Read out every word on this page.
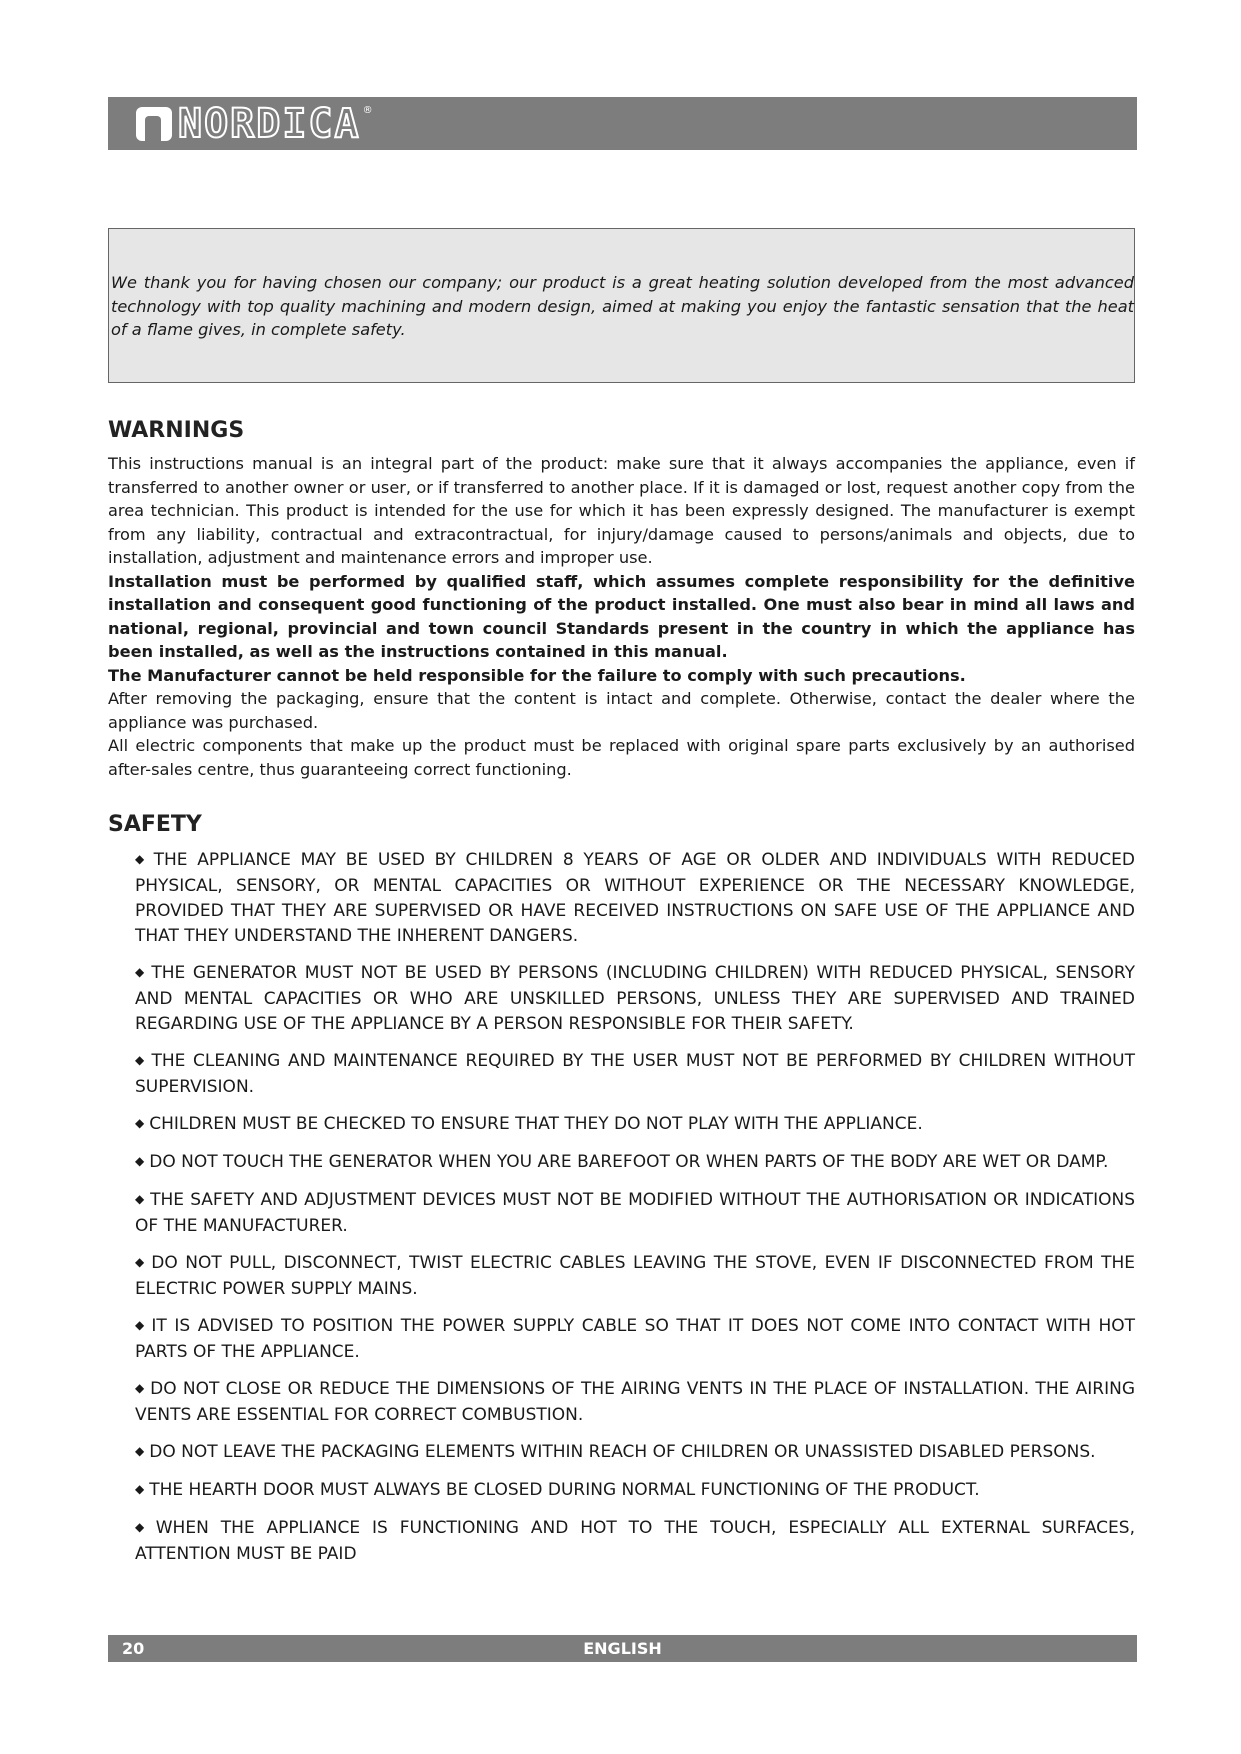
NORDICA ®

We thank you for having chosen our company; our product is a great heating solution developed from the most advanced technology with top quality machining and modern design, aimed at making you enjoy the fantastic sensation that the heat of a flame gives, in complete safety.

WARNINGS

This instructions manual is an integral part of the product: make sure that it always accompanies the appliance, even if transferred to another owner or user, or if transferred to another place. If it is damaged or lost, request another copy from the area technician. This product is intended for the use for which it has been expressly designed. The manufacturer is exempt from any liability, contractual and extracontractual, for injury/damage caused to persons/animals and objects, due to installation, adjustment and maintenance errors and improper use.

Installation must be performed by qualified staff, which assumes complete responsibility for the definitive installation and consequent good functioning of the product installed. One must also bear in mind all laws and national, regional, provincial and town council Standards present in the country in which the appliance has been installed, as well as the instructions contained in this manual.

The Manufacturer cannot be held responsible for the failure to comply with such precautions.

After removing the packaging, ensure that the content is intact and complete. Otherwise, contact the dealer where the appliance was purchased.

All electric components that make up the product must be replaced with original spare parts exclusively by an authorised after-sales centre, thus guaranteeing correct functioning.

SAFETY
◆ THE APPLIANCE MAY BE USED BY CHILDREN 8 YEARS OF AGE OR OLDER AND INDIVIDUALS WITH REDUCED PHYSICAL, SENSORY, OR MENTAL CAPACITIES OR WITHOUT EXPERIENCE OR THE NECESSARY KNOWLEDGE, PROVIDED THAT THEY ARE SUPERVISED OR HAVE RECEIVED INSTRUCTIONS ON SAFE USE OF THE APPLIANCE AND THAT THEY UNDERSTAND THE INHERENT DANGERS.
◆ THE GENERATOR MUST NOT BE USED BY PERSONS (INCLUDING CHILDREN) WITH REDUCED PHYSICAL, SENSORY AND MENTAL CAPACITIES OR WHO ARE UNSKILLED PERSONS, UNLESS THEY ARE SUPERVISED AND TRAINED REGARDING USE OF THE APPLIANCE BY A PERSON RESPONSIBLE FOR THEIR SAFETY.
◆ THE CLEANING AND MAINTENANCE REQUIRED BY THE USER MUST NOT BE PERFORMED BY CHILDREN WITHOUT SUPERVISION.
◆ CHILDREN MUST BE CHECKED TO ENSURE THAT THEY DO NOT PLAY WITH THE APPLIANCE.
◆ DO NOT TOUCH THE GENERATOR WHEN YOU ARE BAREFOOT OR WHEN PARTS OF THE BODY ARE WET OR DAMP.
◆ THE SAFETY AND ADJUSTMENT DEVICES MUST NOT BE MODIFIED WITHOUT THE AUTHORISATION OR INDICATIONS OF THE MANUFACTURER.
◆ DO NOT PULL, DISCONNECT, TWIST ELECTRIC CABLES LEAVING THE STOVE, EVEN IF DISCONNECTED FROM THE ELECTRIC POWER SUPPLY MAINS.
◆ IT IS ADVISED TO POSITION THE POWER SUPPLY CABLE SO THAT IT DOES NOT COME INTO CONTACT WITH HOT PARTS OF THE APPLIANCE.
◆ DO NOT CLOSE OR REDUCE THE DIMENSIONS OF THE AIRING VENTS IN THE PLACE OF INSTALLATION. THE AIRING VENTS ARE ESSENTIAL FOR CORRECT COMBUSTION.
◆ DO NOT LEAVE THE PACKAGING ELEMENTS WITHIN REACH OF CHILDREN OR UNASSISTED DISABLED PERSONS.
◆ THE HEARTH DOOR MUST ALWAYS BE CLOSED DURING NORMAL FUNCTIONING OF THE PRODUCT.
◆ WHEN THE APPLIANCE IS FUNCTIONING AND HOT TO THE TOUCH, ESPECIALLY ALL EXTERNAL SURFACES, ATTENTION MUST BE PAID
20	ENGLISH
